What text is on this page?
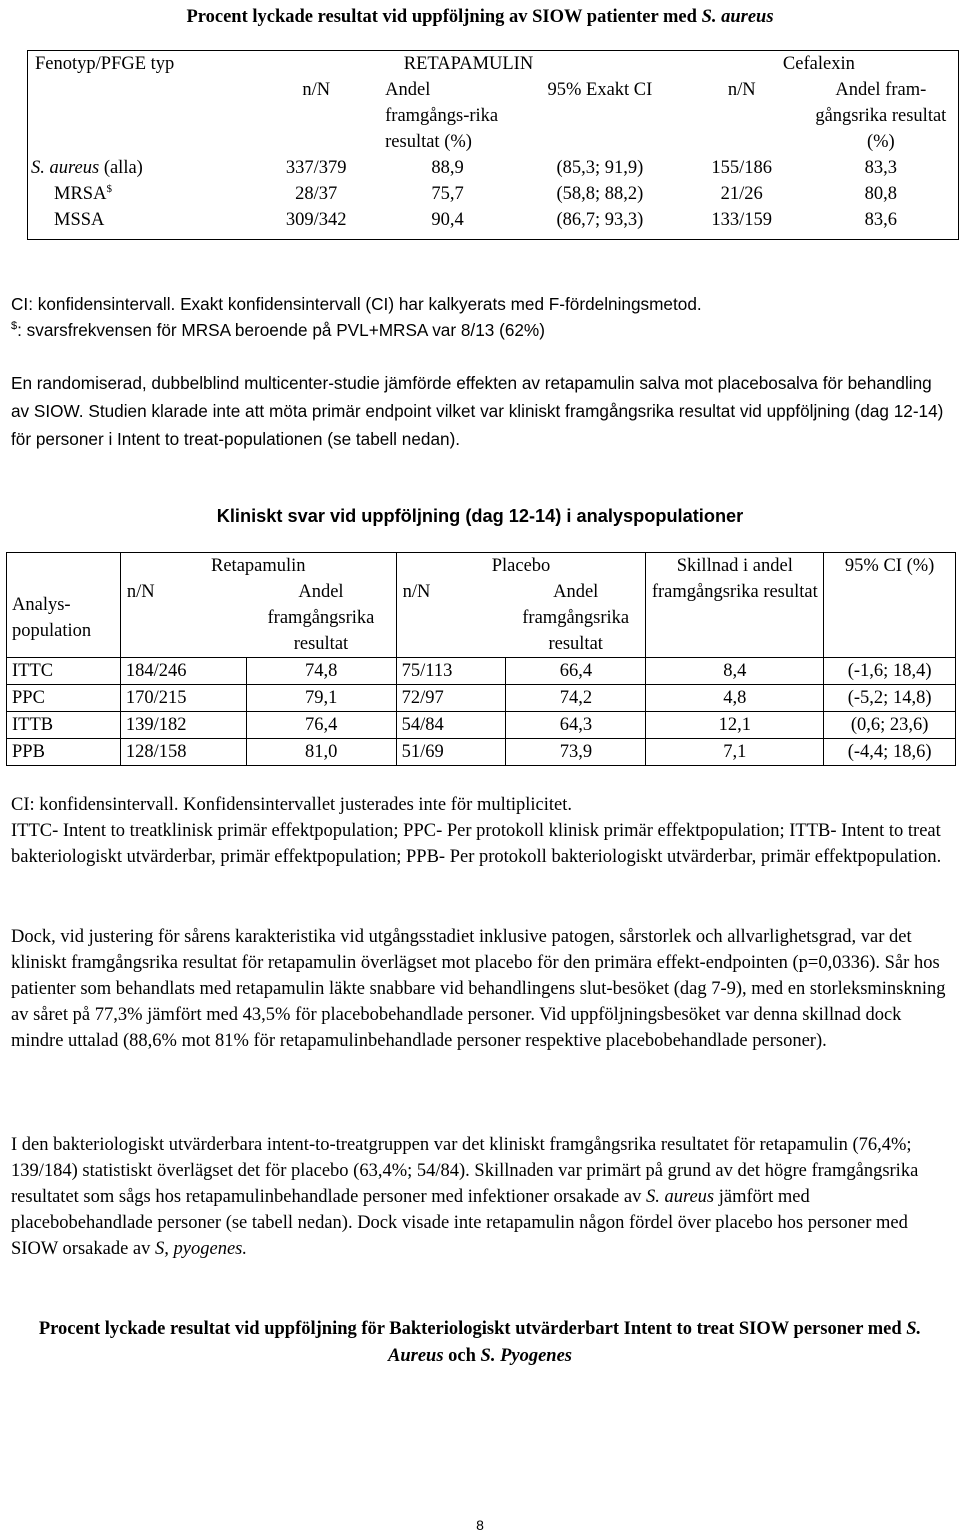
Procent lyckade resultat vid uppföljning av SIOW patienter med S. aureus
Fenotyp/PFGE typ	RETAPAMULIN			Cefalexin	
	n/N	Andel framgångs-rika resultat (%)	95% Exakt CI	n/N	Andel fram-gångsrika resultat (%)
S. aureus (alla)	337/379	88,9	(85,3; 91,9)	155/186	83,3
MRSA$	28/37	75,7	(58,8; 88,2)	21/26	80,8
MSSA	309/342	90,4	(86,7; 93,3)	133/159	83,6
CI: konfidensintervall. Exakt konfidensintervall (CI) har kalkyerats med F-fördelningsmetod.
$: svarsfrekvensen för MRSA beroende på PVL+MRSA var 8/13 (62%)
En randomiserad, dubbelblind multicenter-studie jämförde effekten av retapamulin salva mot placebosalva för behandling av SIOW. Studien klarade inte att möta primär endpoint vilket var kliniskt framgångsrika resultat vid uppföljning (dag 12-14) för personer i Intent to treat-populationen (se tabell nedan).
Kliniskt svar vid uppföljning (dag 12-14) i analyspopulationer
Analys-population	Retapamulin		Placebo		Skillnad i andel framgångsrika resultat	95% CI (%)
	n/N	Andel framgångsrika resultat	n/N	Andel framgångsrika resultat		
ITTC	184/246	74,8	75/113	66,4	8,4	(-1,6; 18,4)
PPC	170/215	79,1	72/97	74,2	4,8	(-5,2; 14,8)
ITTB	139/182	76,4	54/84	64,3	12,1	(0,6; 23,6)
PPB	128/158	81,0	51/69	73,9	7,1	(-4,4; 18,6)
CI: konfidensintervall. Konfidensintervallet justerades inte för multiplicitet.
ITTC- Intent to treatklinisk primär effektpopulation; PPC- Per protokoll klinisk primär effektpopulation; ITTB- Intent to treat bakteriologiskt utvärderbar, primär effektpopulation; PPB- Per protokoll bakteriologiskt utvärderbar, primär effektpopulation.
Dock, vid justering för sårens karakteristika vid utgångsstadiet inklusive patogen, sårstorlek och allvarlighetsgrad, var det kliniskt framgångsrika resultat för retapamulin överlägset mot placebo för den primära effekt-endpointen (p=0,0336). Sår hos patienter som behandlats med retapamulin läkte snabbare vid behandlingens slut-besöket (dag 7-9), med en storleksminskning av såret på 77,3% jämfört med 43,5% för placebobehandlade personer. Vid uppföljningsbesöket var denna skillnad dock mindre uttalad (88,6% mot 81% för retapamulinbehandlade personer respektive placebobehandlade personer).
I den bakteriologiskt utvärderbara intent-to-treatgruppen var det kliniskt framgångsrika resultatet för retapamulin (76,4%; 139/184) statistiskt överlägset det för placebo (63,4%; 54/84). Skillnaden var primärt på grund av det högre framgångsrika resultatet som sågs hos retapamulinbehandlade personer med infektioner orsakade av S. aureus jämfört med placebobehandlade personer (se tabell nedan). Dock visade inte retapamulin någon fördel över placebo hos personer med SIOW orsakade av S, pyogenes.
Procent lyckade resultat vid uppföljning för Bakteriologiskt utvärderbart Intent to treat SIOW personer med S. Aureus och S. Pyogenes
8
